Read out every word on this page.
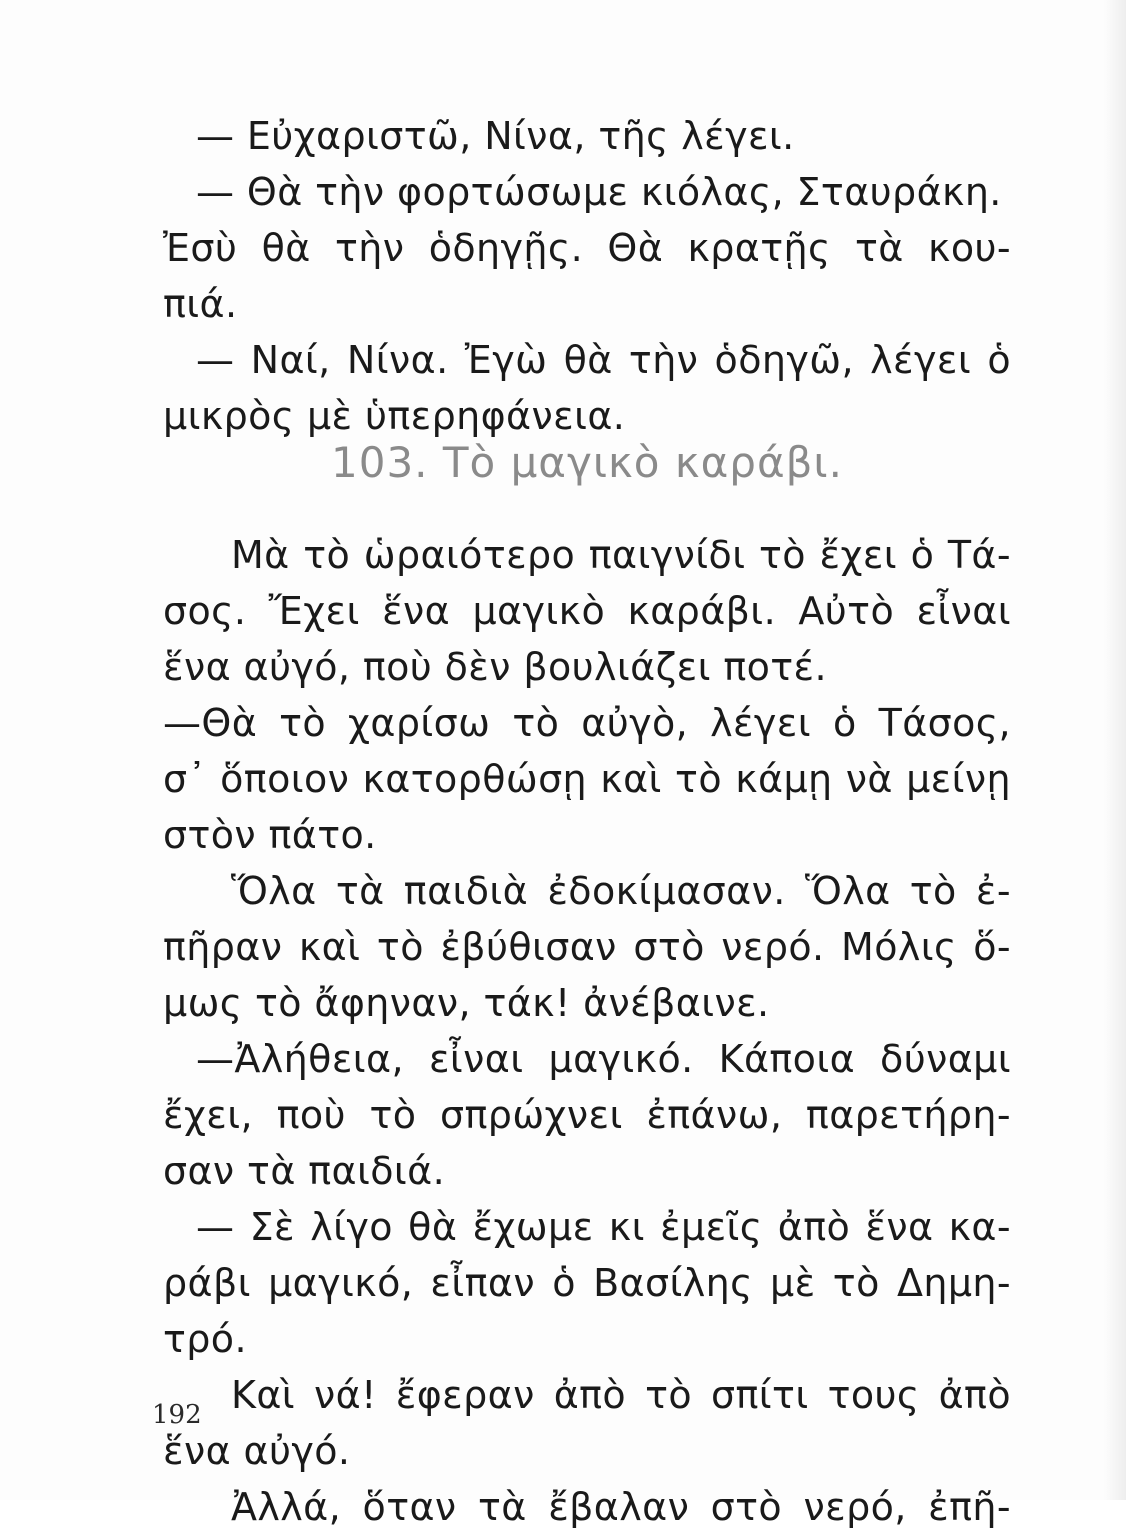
— Εὐχαριστῶ, Νίνα, τῆς λέγει.
— Θὰ τὴν φορτώσωμε κιόλας, Σταυράκη.
Ἐσὺ θὰ τὴν ὁδηγῇς. Θὰ κρατῇς τὰ κου-
πιά.
— Ναί, Νίνα. Ἐγὼ θὰ τὴν ὁδηγῶ, λέγει ὁ
μικρὸς μὲ ὑπερηφάνεια.
103. Τὸ μαγικὸ καράβι.
Μὰ τὸ ὡραιότερο παιγνίδι τὸ ἔχει ὁ Τά-
σος. Ἔχει ἕνα μαγικὸ καράβι. Αὐτὸ εἶναι
ἕνα αὐγό, ποὺ δὲν βουλιάζει ποτέ.
—Θὰ τὸ χαρίσω τὸ αὐγὸ, λέγει ὁ Τάσος,
σ᾽ ὅποιον κατορθώσῃ καὶ τὸ κάμῃ νὰ μείνῃ
στὸν πάτο.
Ὅλα τὰ παιδιὰ ἐδοκίμασαν. Ὅλα τὸ ἐ-
πῆραν καὶ τὸ ἐβύθισαν στὸ νερό. Μόλις ὅ-
μως τὸ ἄφηναν, τάκ! ἀνέβαινε.
—Ἀλήθεια, εἶναι μαγικό. Κάποια δύναμι
ἔχει, ποὺ τὸ σπρώχνει ἐπάνω, παρετήρη-
σαν τὰ παιδιά.
— Σὲ λίγο θὰ ἔχωμε κι ἐμεῖς ἀπὸ ἕνα κα-
ράβι μαγικό, εἶπαν ὁ Βασίλης μὲ τὸ Δημη-
τρό.
Καὶ νά! ἔφεραν ἀπὸ τὸ σπίτι τους ἀπὸ
ἕνα αὐγό.
Ἀλλά, ὅταν τὰ ἔβαλαν στὸ νερό, ἐπῆ-
192
